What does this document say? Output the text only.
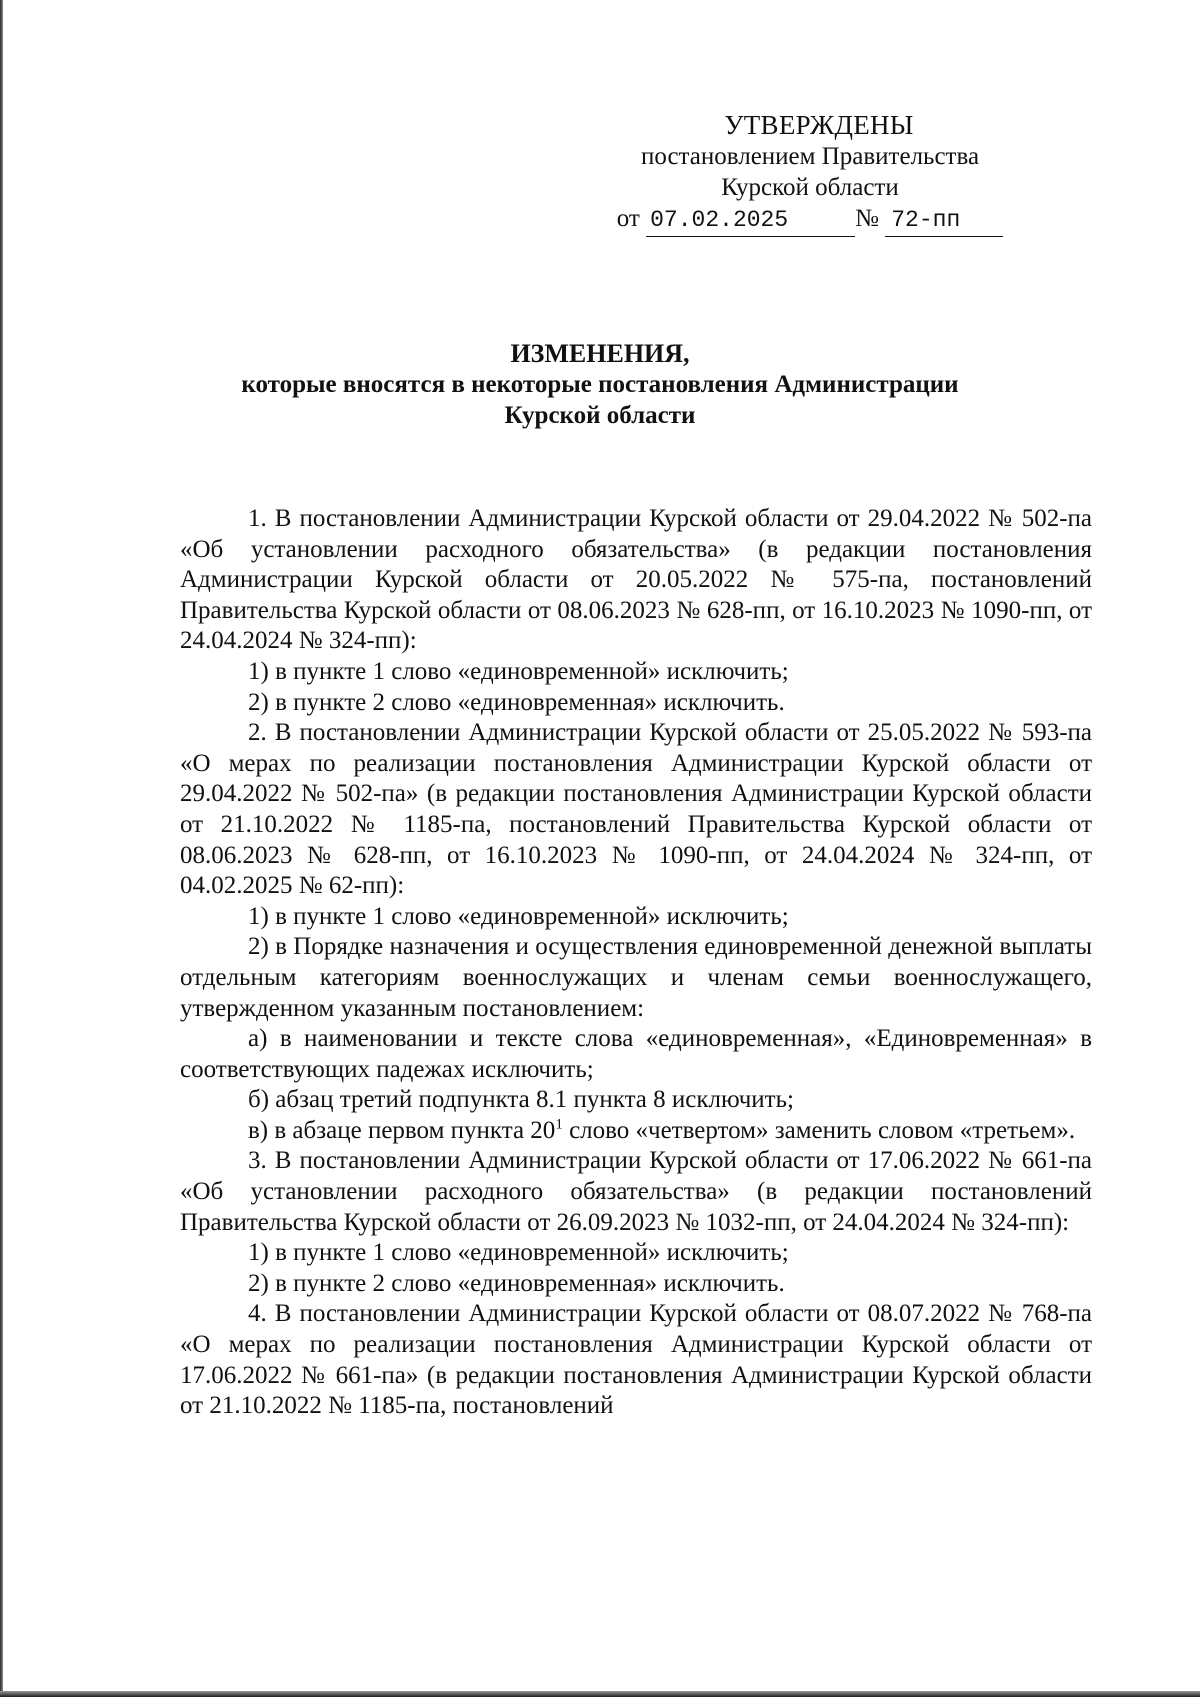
УТВЕРЖДЕНЫ
постановлением Правительства
Курской области
от 07.02.2025	№ 72-пп
ИЗМЕНЕНИЯ,
которые вносятся в некоторые постановления Администрации
Курской области

1. В постановлении Администрации Курской области от 29.04.2022 № 502-па «Об установлении расходного обязательства» (в редакции постановления Администрации Курской области от 20.05.2022 № 575-па, постановлений Правительства Курской области от 08.06.2023 № 628-пп, от 16.10.2023 № 1090-пп, от 24.04.2024 № 324-пп):

1) в пункте 1 слово «единовременной» исключить;

2) в пункте 2 слово «единовременная» исключить.

2. В постановлении Администрации Курской области от 25.05.2022 № 593-па «О мерах по реализации постановления Администрации Курской области от 29.04.2022 № 502-па» (в редакции постановления Администрации Курской области от 21.10.2022 № 1185-па, постановлений Правительства Курской области от 08.06.2023 № 628-пп, от 16.10.2023 № 1090-пп, от 24.04.2024 № 324-пп, от 04.02.2025 № 62-пп):

1) в пункте 1 слово «единовременной» исключить;

2) в Порядке назначения и осуществления единовременной денежной выплаты отдельным категориям военнослужащих и членам семьи военнослужащего, утвержденном указанным постановлением:

а) в наименовании и тексте слова «единовременная», «Единовременная» в соответствующих падежах исключить;

б) абзац третий подпункта 8.1 пункта 8 исключить;

в) в абзаце первом пункта $20^1$ слово «четвертом» заменить словом «третьем».

3. В постановлении Администрации Курской области от 17.06.2022 № 661-па «Об установлении расходного обязательства» (в редакции постановлений Правительства Курской области от 26.09.2023 № 1032-пп, от 24.04.2024 № 324-пп):

1) в пункте 1 слово «единовременной» исключить;

2) в пункте 2 слово «единовременная» исключить.

4. В постановлении Администрации Курской области от 08.07.2022 № 768-па «О мерах по реализации постановления Администрации Курской области от 17.06.2022 № 661-па» (в редакции постановления Администрации Курской области от 21.10.2022 № 1185-па, постановлений
